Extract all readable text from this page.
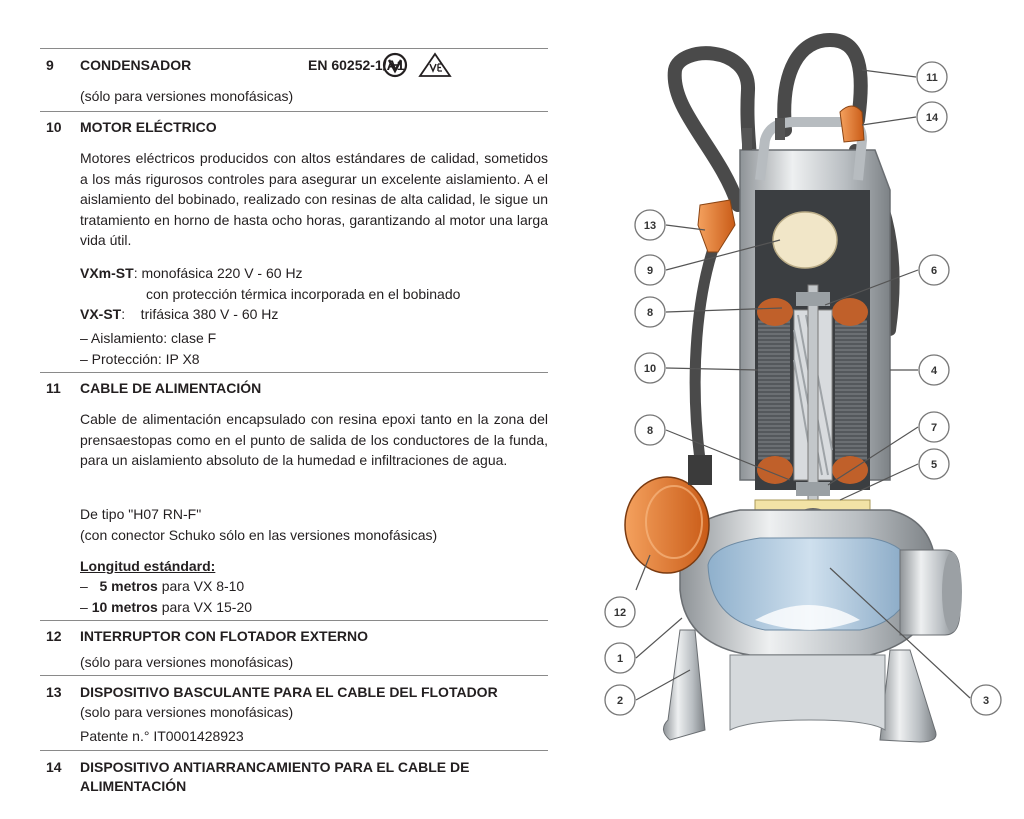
9 CONDENSADOR	EN 60252-1/A1
(sólo para versiones monofásicas)
10 MOTOR ELÉCTRICO
Motores eléctricos producidos con altos estándares de calidad, sometidos a los más rigurosos controles para asegurar un excelente aislamiento. A el aislamiento del bobinado, realizado con resinas de alta calidad, le sigue un tratamiento en horno de hasta ocho horas, garantizando al motor una larga vida útil.
VXm-ST: monofásica 220 V - 60 Hz
con protección térmica incorporada en el bobinado
VX-ST:    trifásica 380 V - 60 Hz
– Aislamiento: clase F
– Protección: IP X8
11 CABLE DE ALIMENTACIÓN
Cable de alimentación encapsulado con resina epoxi tanto en la zona del prensaestopas como en el punto de salida de los conductores de la funda, para un aislamiento absoluto de la humedad e infiltraciones de agua.
De tipo "H07 RN-F"
(con conector Schuko sólo en las versiones monofásicas)
Longitud estándard:
– 5 metros para VX 8-10
– 10 metros para VX 15-20
12 INTERRUPTOR CON FLOTADOR EXTERNO
(sólo para versiones monofásicas)
13 DISPOSITIVO BASCULANTE PARA EL CABLE DEL FLOTADOR
(solo para versiones monofásicas)
Patente n.° IT0001428923
14 DISPOSITIVO ANTIARRANCAMIENTO PARA EL CABLE DE
ALIMENTACIÓN
11
14
13
9	6
8
10	4
8	7
5
12
1
2	3
